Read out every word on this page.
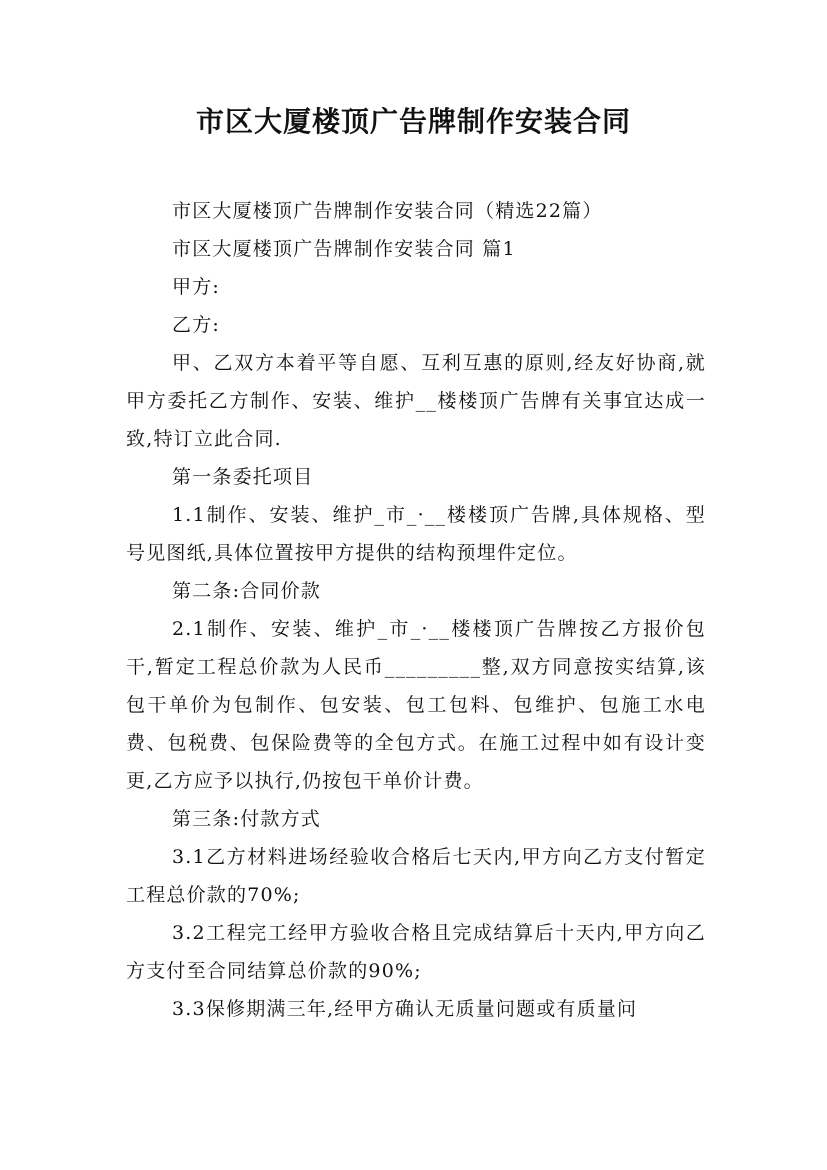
市区大厦楼顶广告牌制作安装合同

市区大厦楼顶广告牌制作安装合同（精选22篇）

市区大厦楼顶广告牌制作安装合同 篇1

甲方:

乙方:

甲、乙双方本着平等自愿、互利互惠的原则,经友好协商,就甲方委托乙方制作、安装、维护__楼楼顶广告牌有关事宜达成一致,特订立此合同.

第一条委托项目

1.1制作、安装、维护_市_·__楼楼顶广告牌,具体规格、型号见图纸,具体位置按甲方提供的结构预埋件定位。

第二条:合同价款

2.1制作、安装、维护_市_·__楼楼顶广告牌按乙方报价包干,暂定工程总价款为人民币_________整,双方同意按实结算,该包干单价为包制作、包安装、包工包料、包维护、包施工水电费、包税费、包保险费等的全包方式。在施工过程中如有设计变更,乙方应予以执行,仍按包干单价计费。

第三条:付款方式

3.1乙方材料进场经验收合格后七天内,甲方向乙方支付暂定工程总价款的70%;

3.2工程完工经甲方验收合格且完成结算后十天内,甲方向乙方支付至合同结算总价款的90%;

3.3保修期满三年,经甲方确认无质量问题或有质量问
